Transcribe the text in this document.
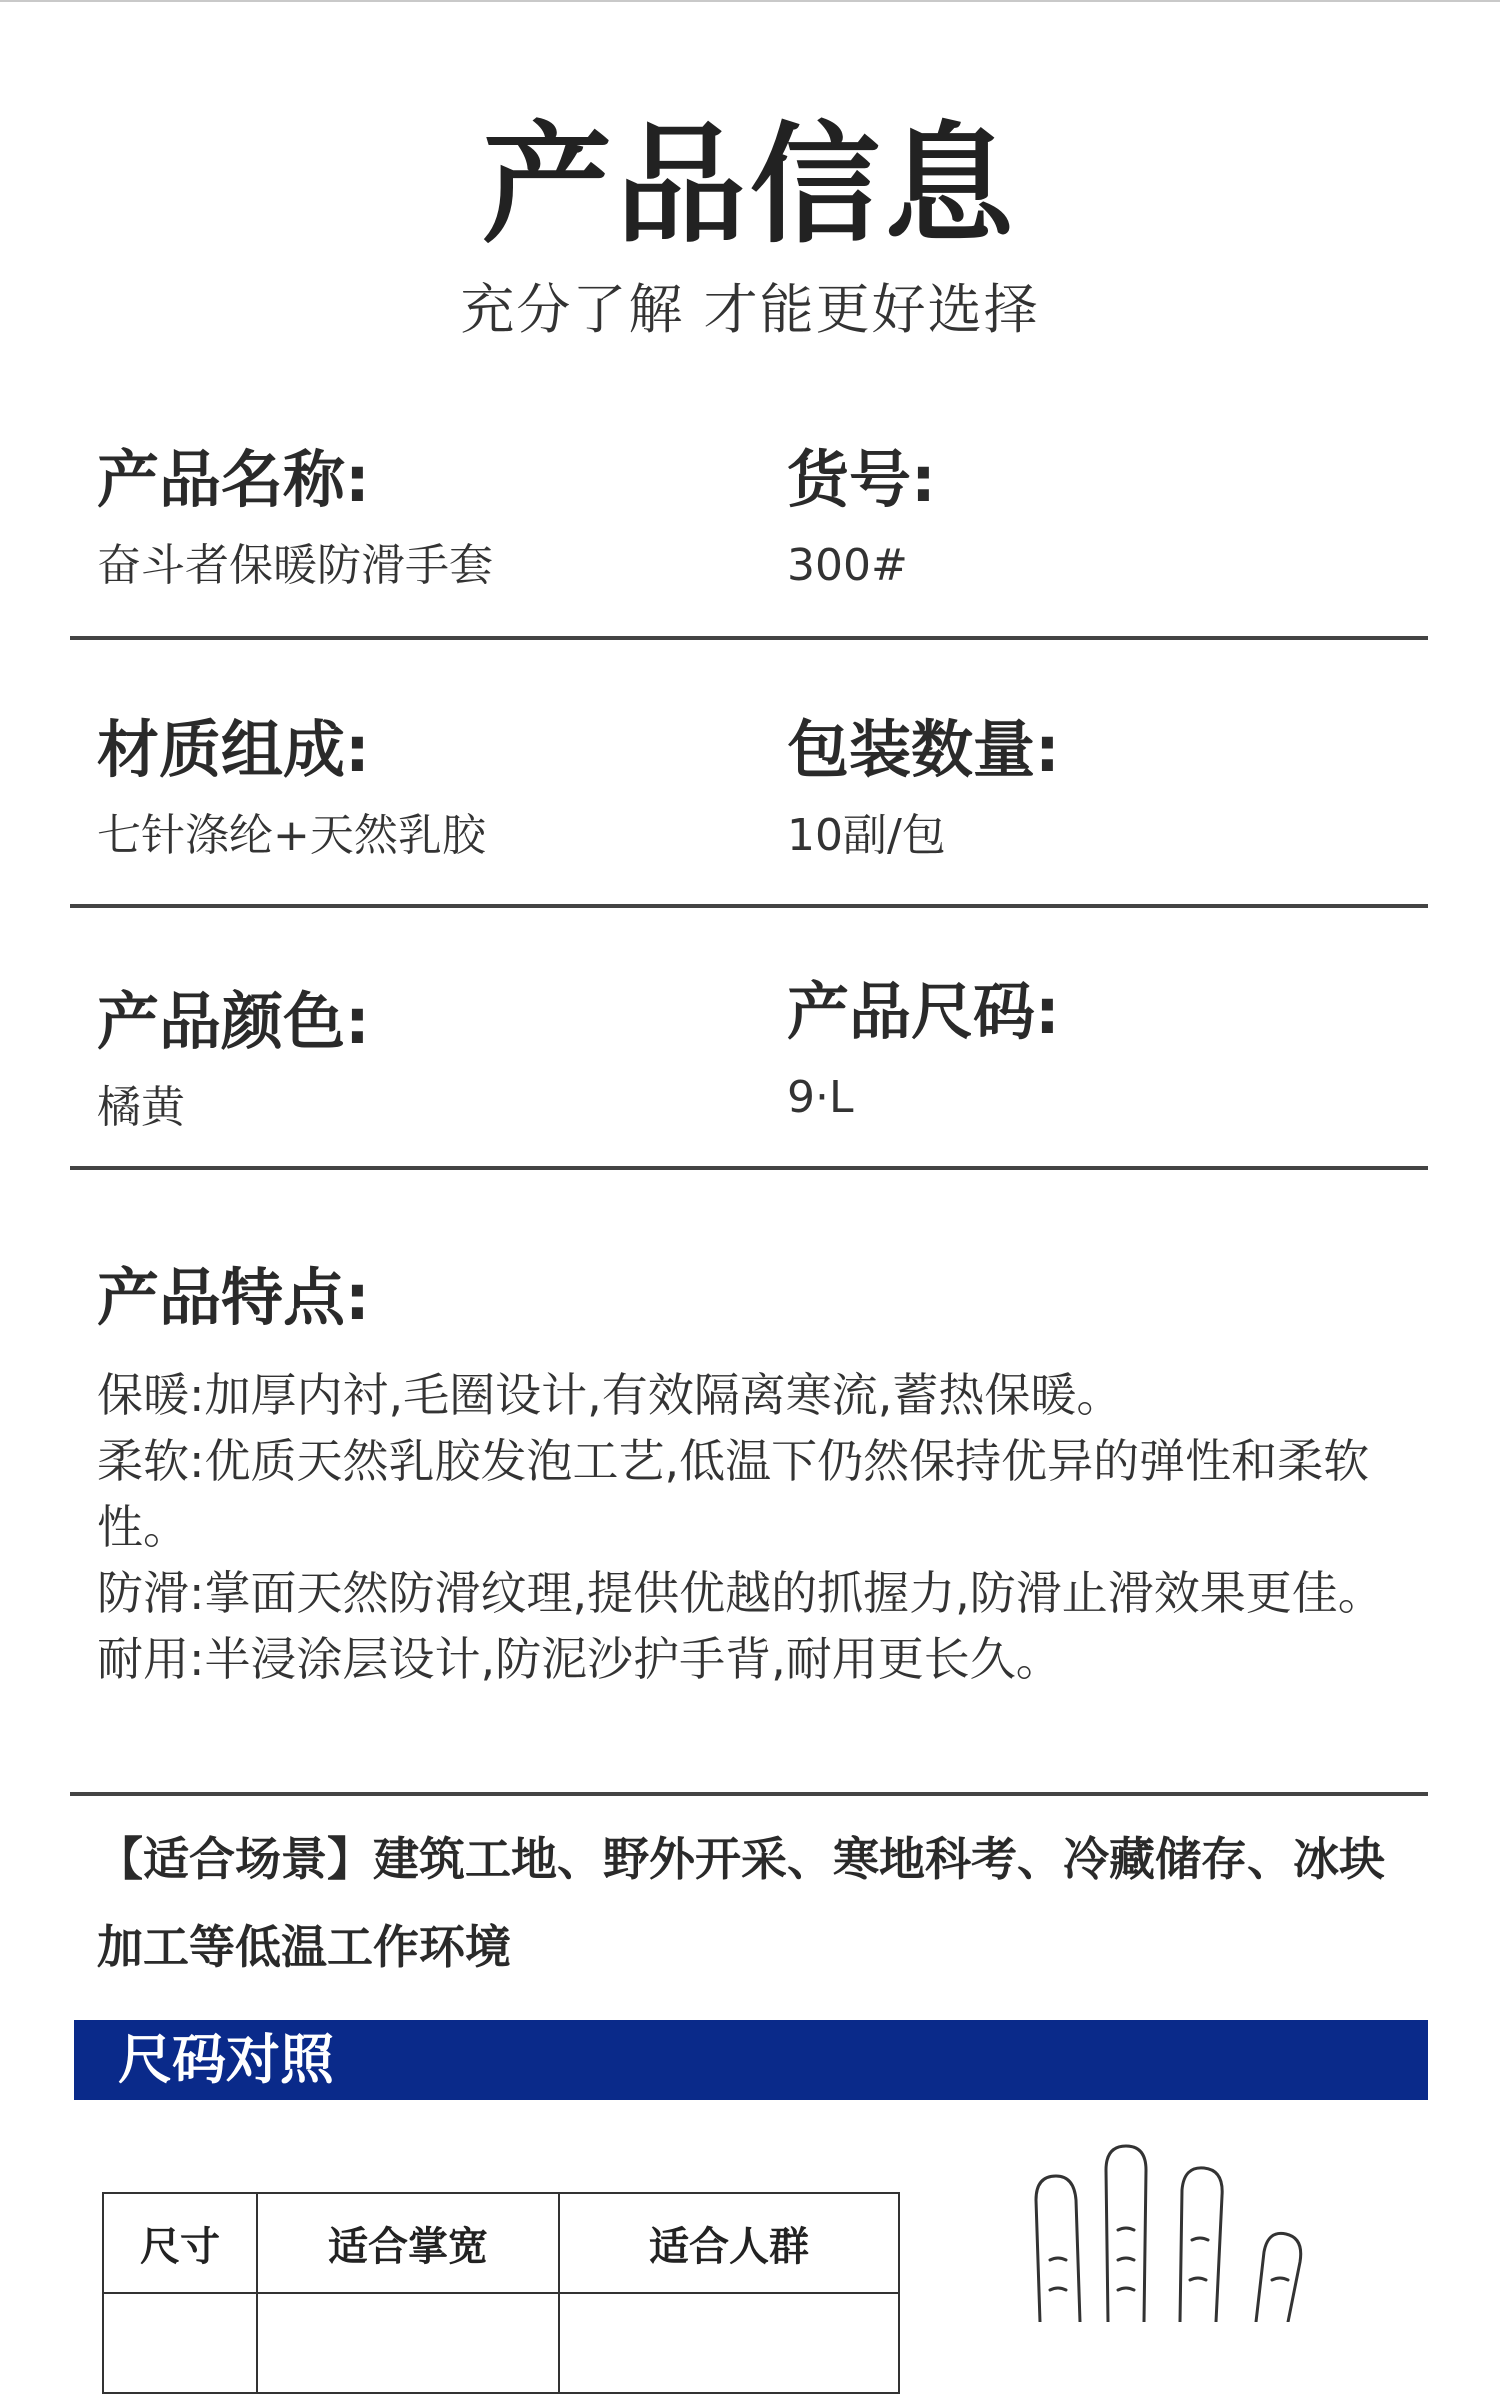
产品信息
充分了解 才能更好选择
产品名称:
奋斗者保暖防滑手套
货号:
300#
材质组成:
七针涤纶+天然乳胶
包装数量:
10副/包
产品颜色:
橘黄
产品尺码:
9·L
产品特点:

保暖:加厚内衬,毛圈设计,有效隔离寒流,蓄热保暖。

柔软:优质天然乳胶发泡工艺,低温下仍然保持优异的弹性和柔软性。

防滑:掌面天然防滑纹理,提供优越的抓握力,防滑止滑效果更佳。

耐用:半浸涂层设计,防泥沙护手背,耐用更长久。

【适合场景】建筑工地、野外开采、寒地科考、冷藏储存、冰块加工等低温工作环境
尺码对照
尺寸	适合掌宽	适合人群
